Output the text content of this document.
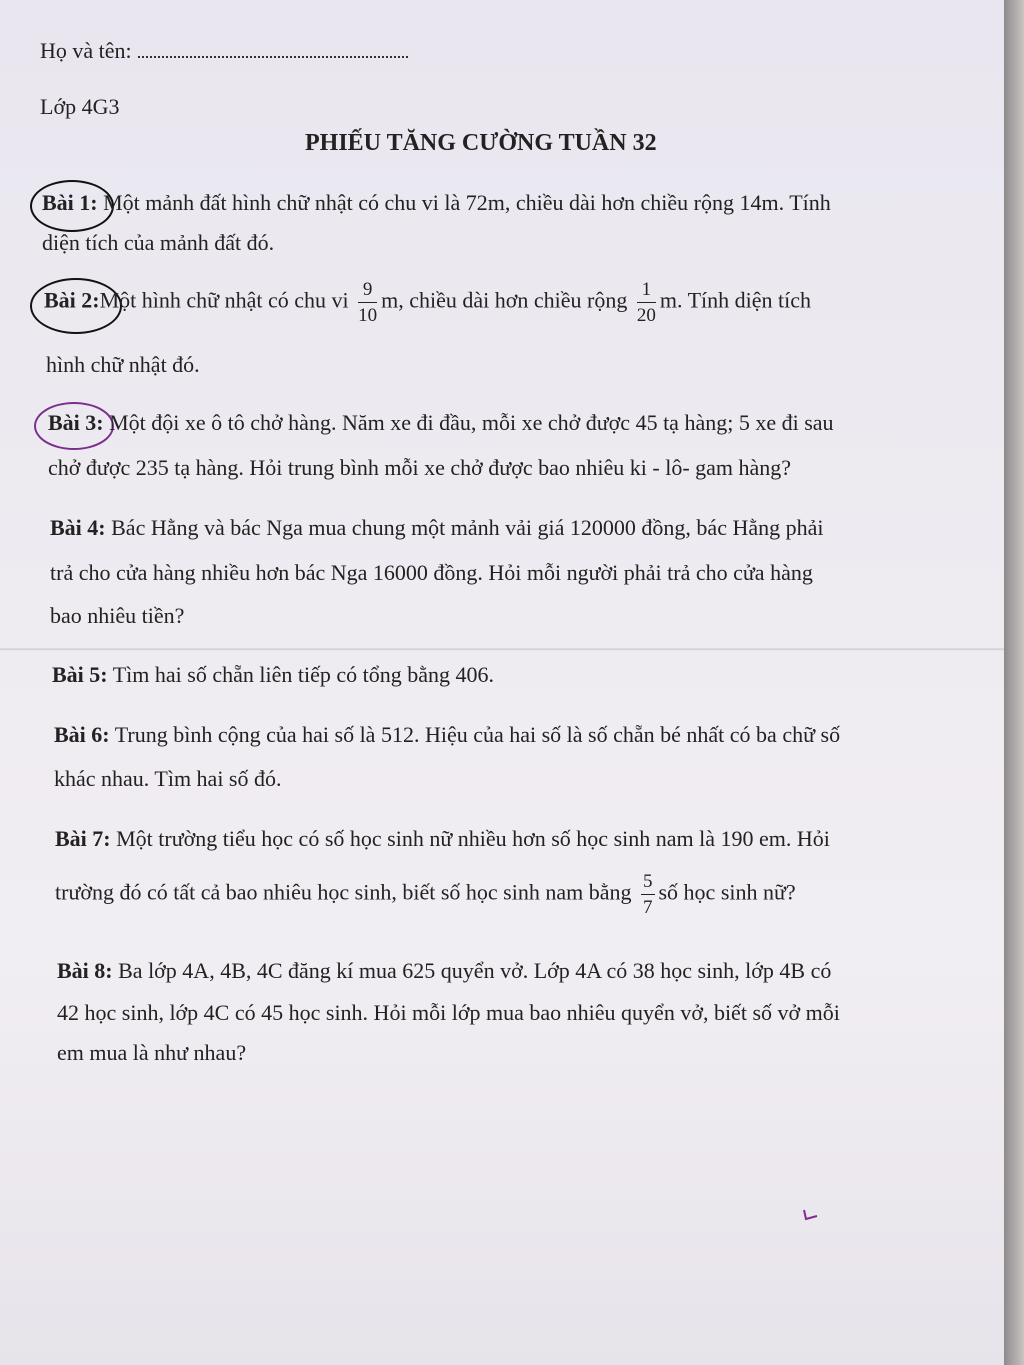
Họ và tên:
Lớp 4G3
PHIẾU TĂNG CƯỜNG TUẦN 32
Bài 1: Một mảnh đất hình chữ nhật có chu vi là 72m, chiều dài hơn chiều rộng 14m. Tính
diện tích của mảnh đất đó.
Bài 2:Một hình chữ nhật có chu vi $\frac{9}{10} m$, chiều dài hơn chiều rộng $\frac{1}{20} m$. Tính diện tích
hình chữ nhật đó.
Bài 3: Một đội xe ô tô chở hàng. Năm xe đi đầu, mỗi xe chở được 45 tạ hàng; 5 xe đi sau
chở được 235 tạ hàng. Hỏi trung bình mỗi xe chở được bao nhiêu ki - lô- gam hàng?
Bài 4: Bác Hằng và bác Nga mua chung một mảnh vải giá 120000 đồng, bác Hằng phải
trả cho cửa hàng nhiều hơn bác Nga 16000 đồng. Hỏi mỗi người phải trả cho cửa hàng
bao nhiêu tiền?
Bài 5: Tìm hai số chẵn liên tiếp có tổng bằng 406.
Bài 6: Trung bình cộng của hai số là 512. Hiệu của hai số là số chẵn bé nhất có ba chữ số
khác nhau. Tìm hai số đó.
Bài 7: Một trường tiểu học có số học sinh nữ nhiều hơn số học sinh nam là 190 em. Hỏi
trường đó có tất cả bao nhiêu học sinh, biết số học sinh nam bằng $\frac{5}{7}$ số học sinh nữ?
Bài 8: Ba lớp 4A, 4B, 4C đăng kí mua 625 quyển vở. Lớp 4A có 38 học sinh, lớp 4B có
42 học sinh, lớp 4C có 45 học sinh. Hỏi mỗi lớp mua bao nhiêu quyển vở, biết số vở mỗi
em mua là như nhau?
